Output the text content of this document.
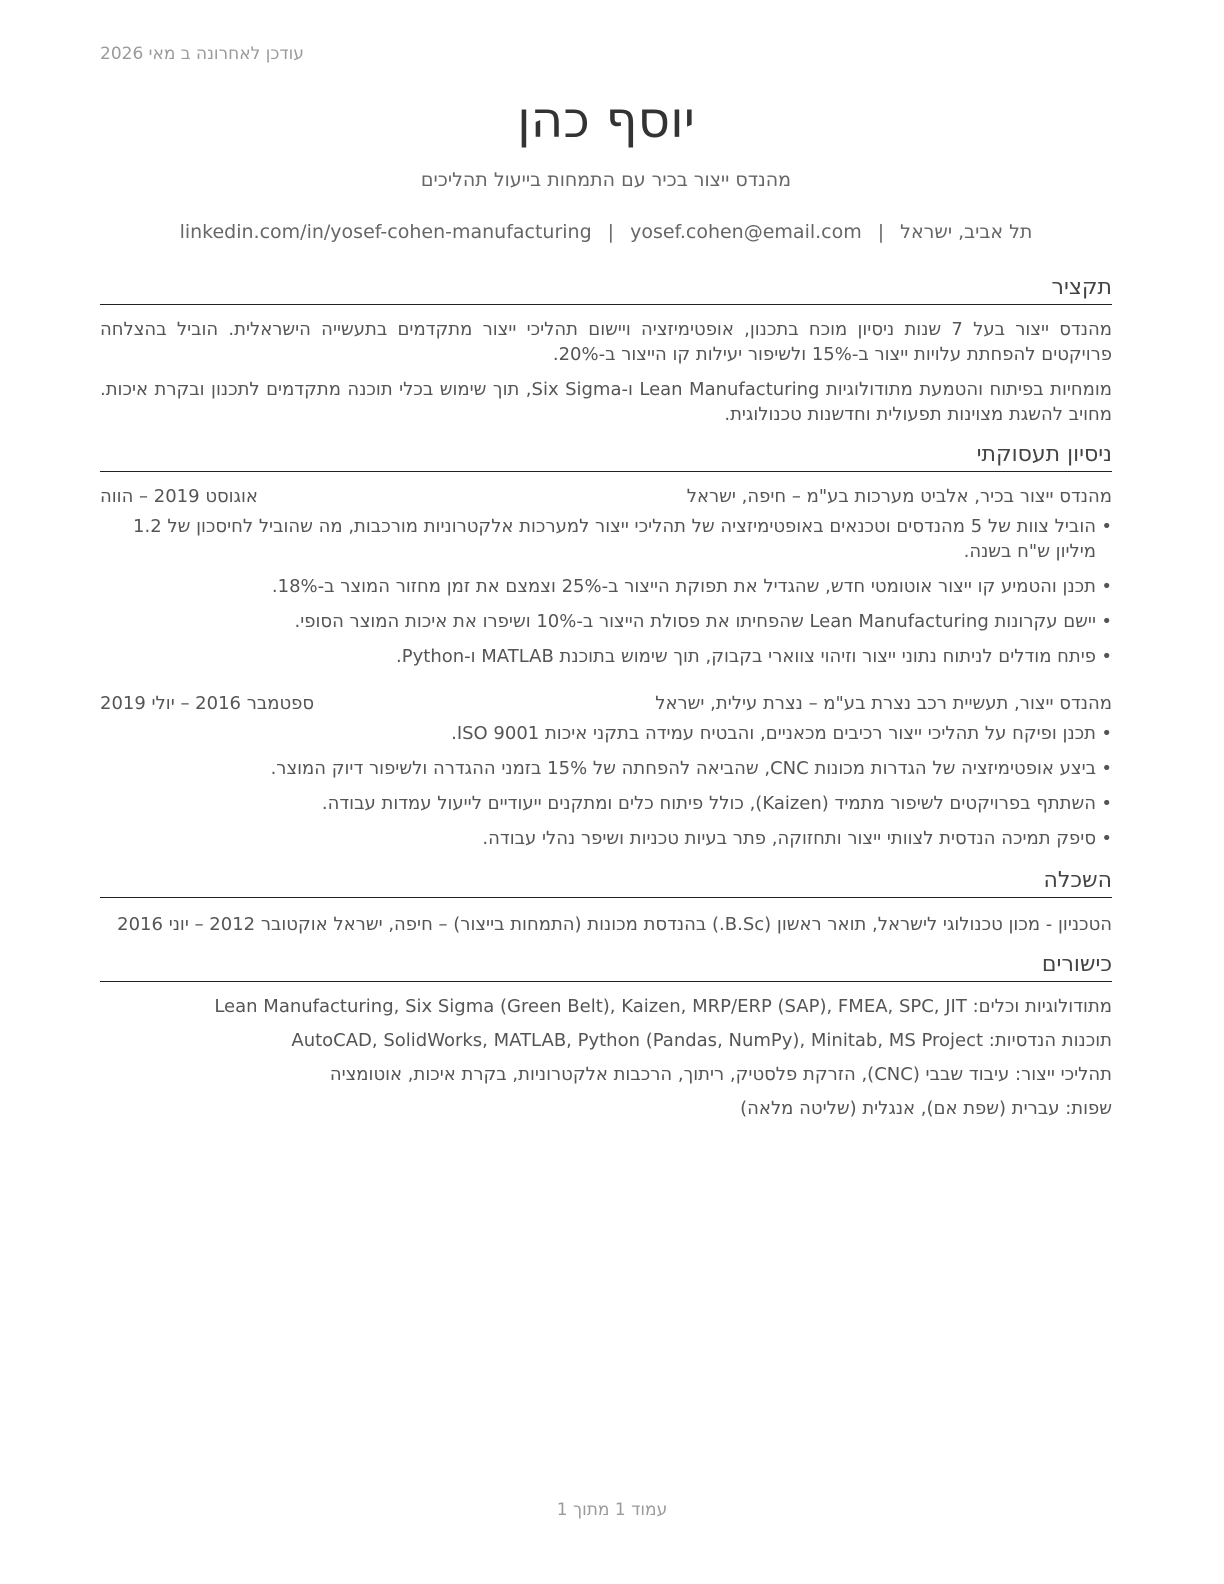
עודכן לאחרונה ב מאי 2026
יוסף כהן
מהנדס ייצור בכיר עם התמחות בייעול תהליכים
תל אביב, ישראל|yosef.cohen@email.com|linkedin.com/in/yosef-cohen-manufacturing
תקציר

מהנדס ייצור בעל 7 שנות ניסיון מוכח בתכנון, אופטימיזציה ויישום תהליכי ייצור מתקדמים בתעשייה הישראלית. הוביל בהצלחה פרויקטים להפחתת עלויות ייצור ב-15% ולשיפור יעילות קו הייצור ב-20%.

מומחיות בפיתוח והטמעת מתודולוגיות Lean Manufacturing ו-Six Sigma, תוך שימוש בכלי תוכנה מתקדמים לתכנון ובקרת איכות. מחויב להשגת מצוינות תפעולית וחדשנות טכנולוגית.

ניסיון תעסוקתי
מהנדס ייצור בכיר, אלביט מערכות בע"מ – חיפה, ישראל
אוגוסט 2019 – הווה
• הוביל צוות של 5 מהנדסים וטכנאים באופטימיזציה של תהליכי ייצור למערכות אלקטרוניות מורכבות, מה שהוביל לחיסכון של 1.2 מיליון ש"ח בשנה.
• תכנן והטמיע קו ייצור אוטומטי חדש, שהגדיל את תפוקת הייצור ב-25% וצמצם את זמן מחזור המוצר ב-18%.
• יישם עקרונות Lean Manufacturing שהפחיתו את פסולת הייצור ב-10% ושיפרו את איכות המוצר הסופי.
• פיתח מודלים לניתוח נתוני ייצור וזיהוי צווארי בקבוק, תוך שימוש בתוכנת MATLAB ו-Python.
מהנדס ייצור, תעשיית רכב נצרת בע"מ – נצרת עילית, ישראל
ספטמבר 2016 – יולי 2019
• תכנן ופיקח על תהליכי ייצור רכיבים מכאניים, והבטיח עמידה בתקני איכות ISO 9001.
• ביצע אופטימיזציה של הגדרות מכונות CNC, שהביאה להפחתה של 15% בזמני ההגדרה ולשיפור דיוק המוצר.
• השתתף בפרויקטים לשיפור מתמיד (Kaizen), כולל פיתוח כלים ומתקנים ייעודיים לייעול עמדות עבודה.
• סיפק תמיכה הנדסית לצוותי ייצור ותחזוקה, פתר בעיות טכניות ושיפר נהלי עבודה.
השכלה
הטכניון - מכון טכנולוגי לישראל, תואר ראשון (B.Sc.) בהנדסת מכונות (התמחות בייצור) – חיפה, ישראל אוקטובר 2012 – יוני 2016
כישורים
מתודולוגיות וכלים: Lean Manufacturing, Six Sigma (Green Belt), Kaizen, MRP/ERP (SAP), FMEA, SPC, JIT
תוכנות הנדסיות: AutoCAD, SolidWorks, MATLAB, Python (Pandas, NumPy), Minitab, MS Project
תהליכי ייצור: עיבוד שבבי (CNC), הזרקת פלסטיק, ריתוך, הרכבות אלקטרוניות, בקרת איכות, אוטומציה
שפות: עברית (שפת אם), אנגלית (שליטה מלאה)
עמוד 1 מתוך 1
